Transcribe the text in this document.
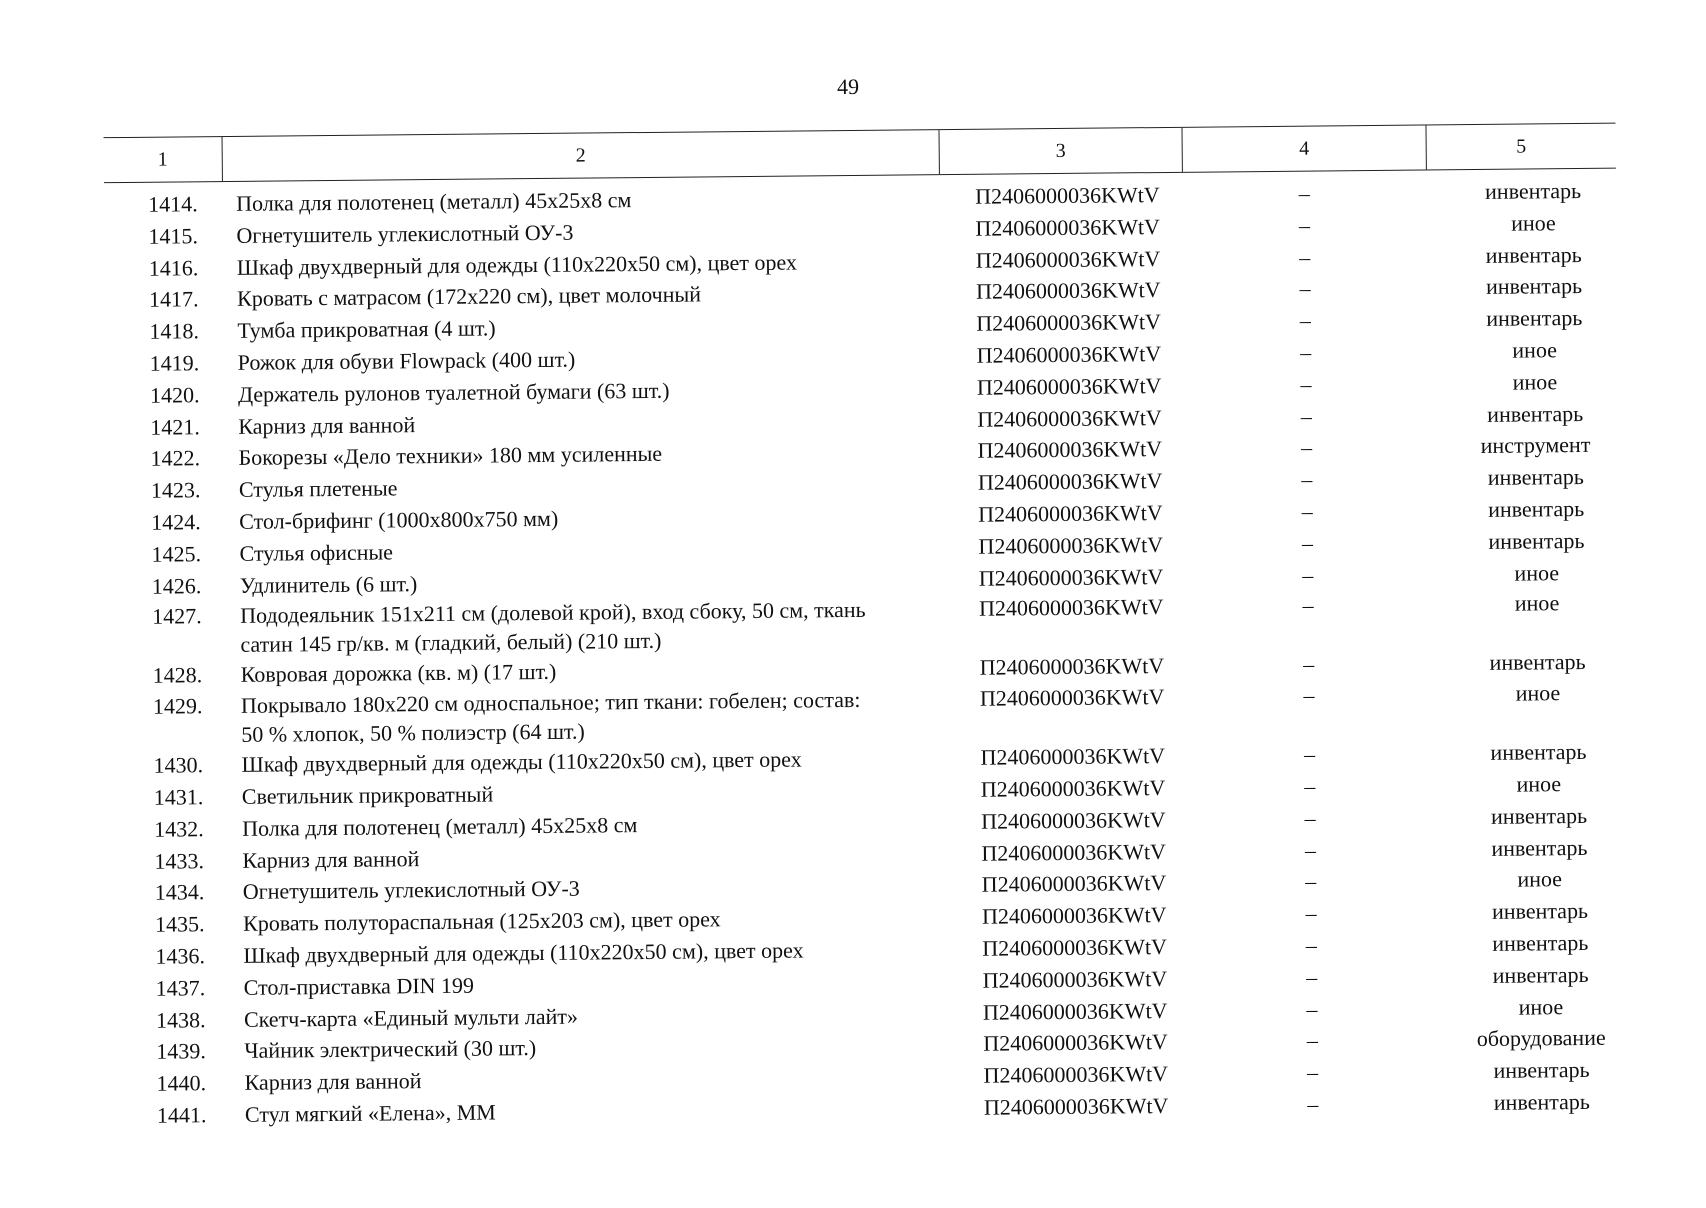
49
1	2	3	4	5
1414.	Полка для полотенец (металл) 45х25х8 см	П2406000036KWtV	–	инвентарь
1415.	Огнетушитель углекислотный ОУ-3	П2406000036KWtV	–	иное
1416.	Шкаф двухдверный для одежды (110х220х50 см), цвет орех	П2406000036KWtV	–	инвентарь
1417.	Кровать с матрасом (172х220 см), цвет молочный	П2406000036KWtV	–	инвентарь
1418.	Тумба прикроватная (4 шт.)	П2406000036KWtV	–	инвентарь
1419.	Рожок для обуви Flowpack (400 шт.)	П2406000036KWtV	–	иное
1420.	Держатель рулонов туалетной бумаги (63 шт.)	П2406000036KWtV	–	иное
1421.	Карниз для ванной	П2406000036KWtV	–	инвентарь
1422.	Бокорезы «Дело техники» 180 мм усиленные	П2406000036KWtV	–	инструмент
1423.	Стулья плетеные	П2406000036KWtV	–	инвентарь
1424.	Стол-брифинг (1000х800х750 мм)	П2406000036KWtV	–	инвентарь
1425.	Стулья офисные	П2406000036KWtV	–	инвентарь
1426.	Удлинитель (6 шт.)	П2406000036KWtV	–	иное
1427.	Пододеяльник 151х211 см (долевой крой), вход сбоку, 50 см, ткань
сатин 145 гр/кв. м (гладкий, белый) (210 шт.)
П2406000036KWtV	–	иное
1428.	Ковровая дорожка (кв. м) (17 шт.)	П2406000036KWtV	–	инвентарь
1429.	Покрывало 180х220 см односпальное; тип ткани: гобелен; состав:
50 % хлопок, 50 % полиэстр (64 шт.)
П2406000036KWtV	–	иное
1430.	Шкаф двухдверный для одежды (110х220х50 см), цвет орех	П2406000036KWtV	–	инвентарь
1431.	Светильник прикроватный	П2406000036KWtV	–	иное
1432.	Полка для полотенец (металл) 45х25х8 см	П2406000036KWtV	–	инвентарь
1433.	Карниз для ванной	П2406000036KWtV	–	инвентарь
1434.	Огнетушитель углекислотный ОУ-3	П2406000036KWtV	–	иное
1435.	Кровать полутораспальная (125х203 см), цвет орех	П2406000036KWtV	–	инвентарь
1436.	Шкаф двухдверный для одежды (110х220х50 см), цвет орех	П2406000036KWtV	–	инвентарь
1437.	Стол-приставка DIN 199	П2406000036KWtV	–	инвентарь
1438.	Скетч-карта «Единый мульти лайт»	П2406000036KWtV	–	иное
1439.	Чайник электрический (30 шт.)	П2406000036KWtV	–	оборудование
1440.	Карниз для ванной	П2406000036KWtV	–	инвентарь
1441.	Стул мягкий «Елена», ММ	П2406000036KWtV	–	инвентарь
